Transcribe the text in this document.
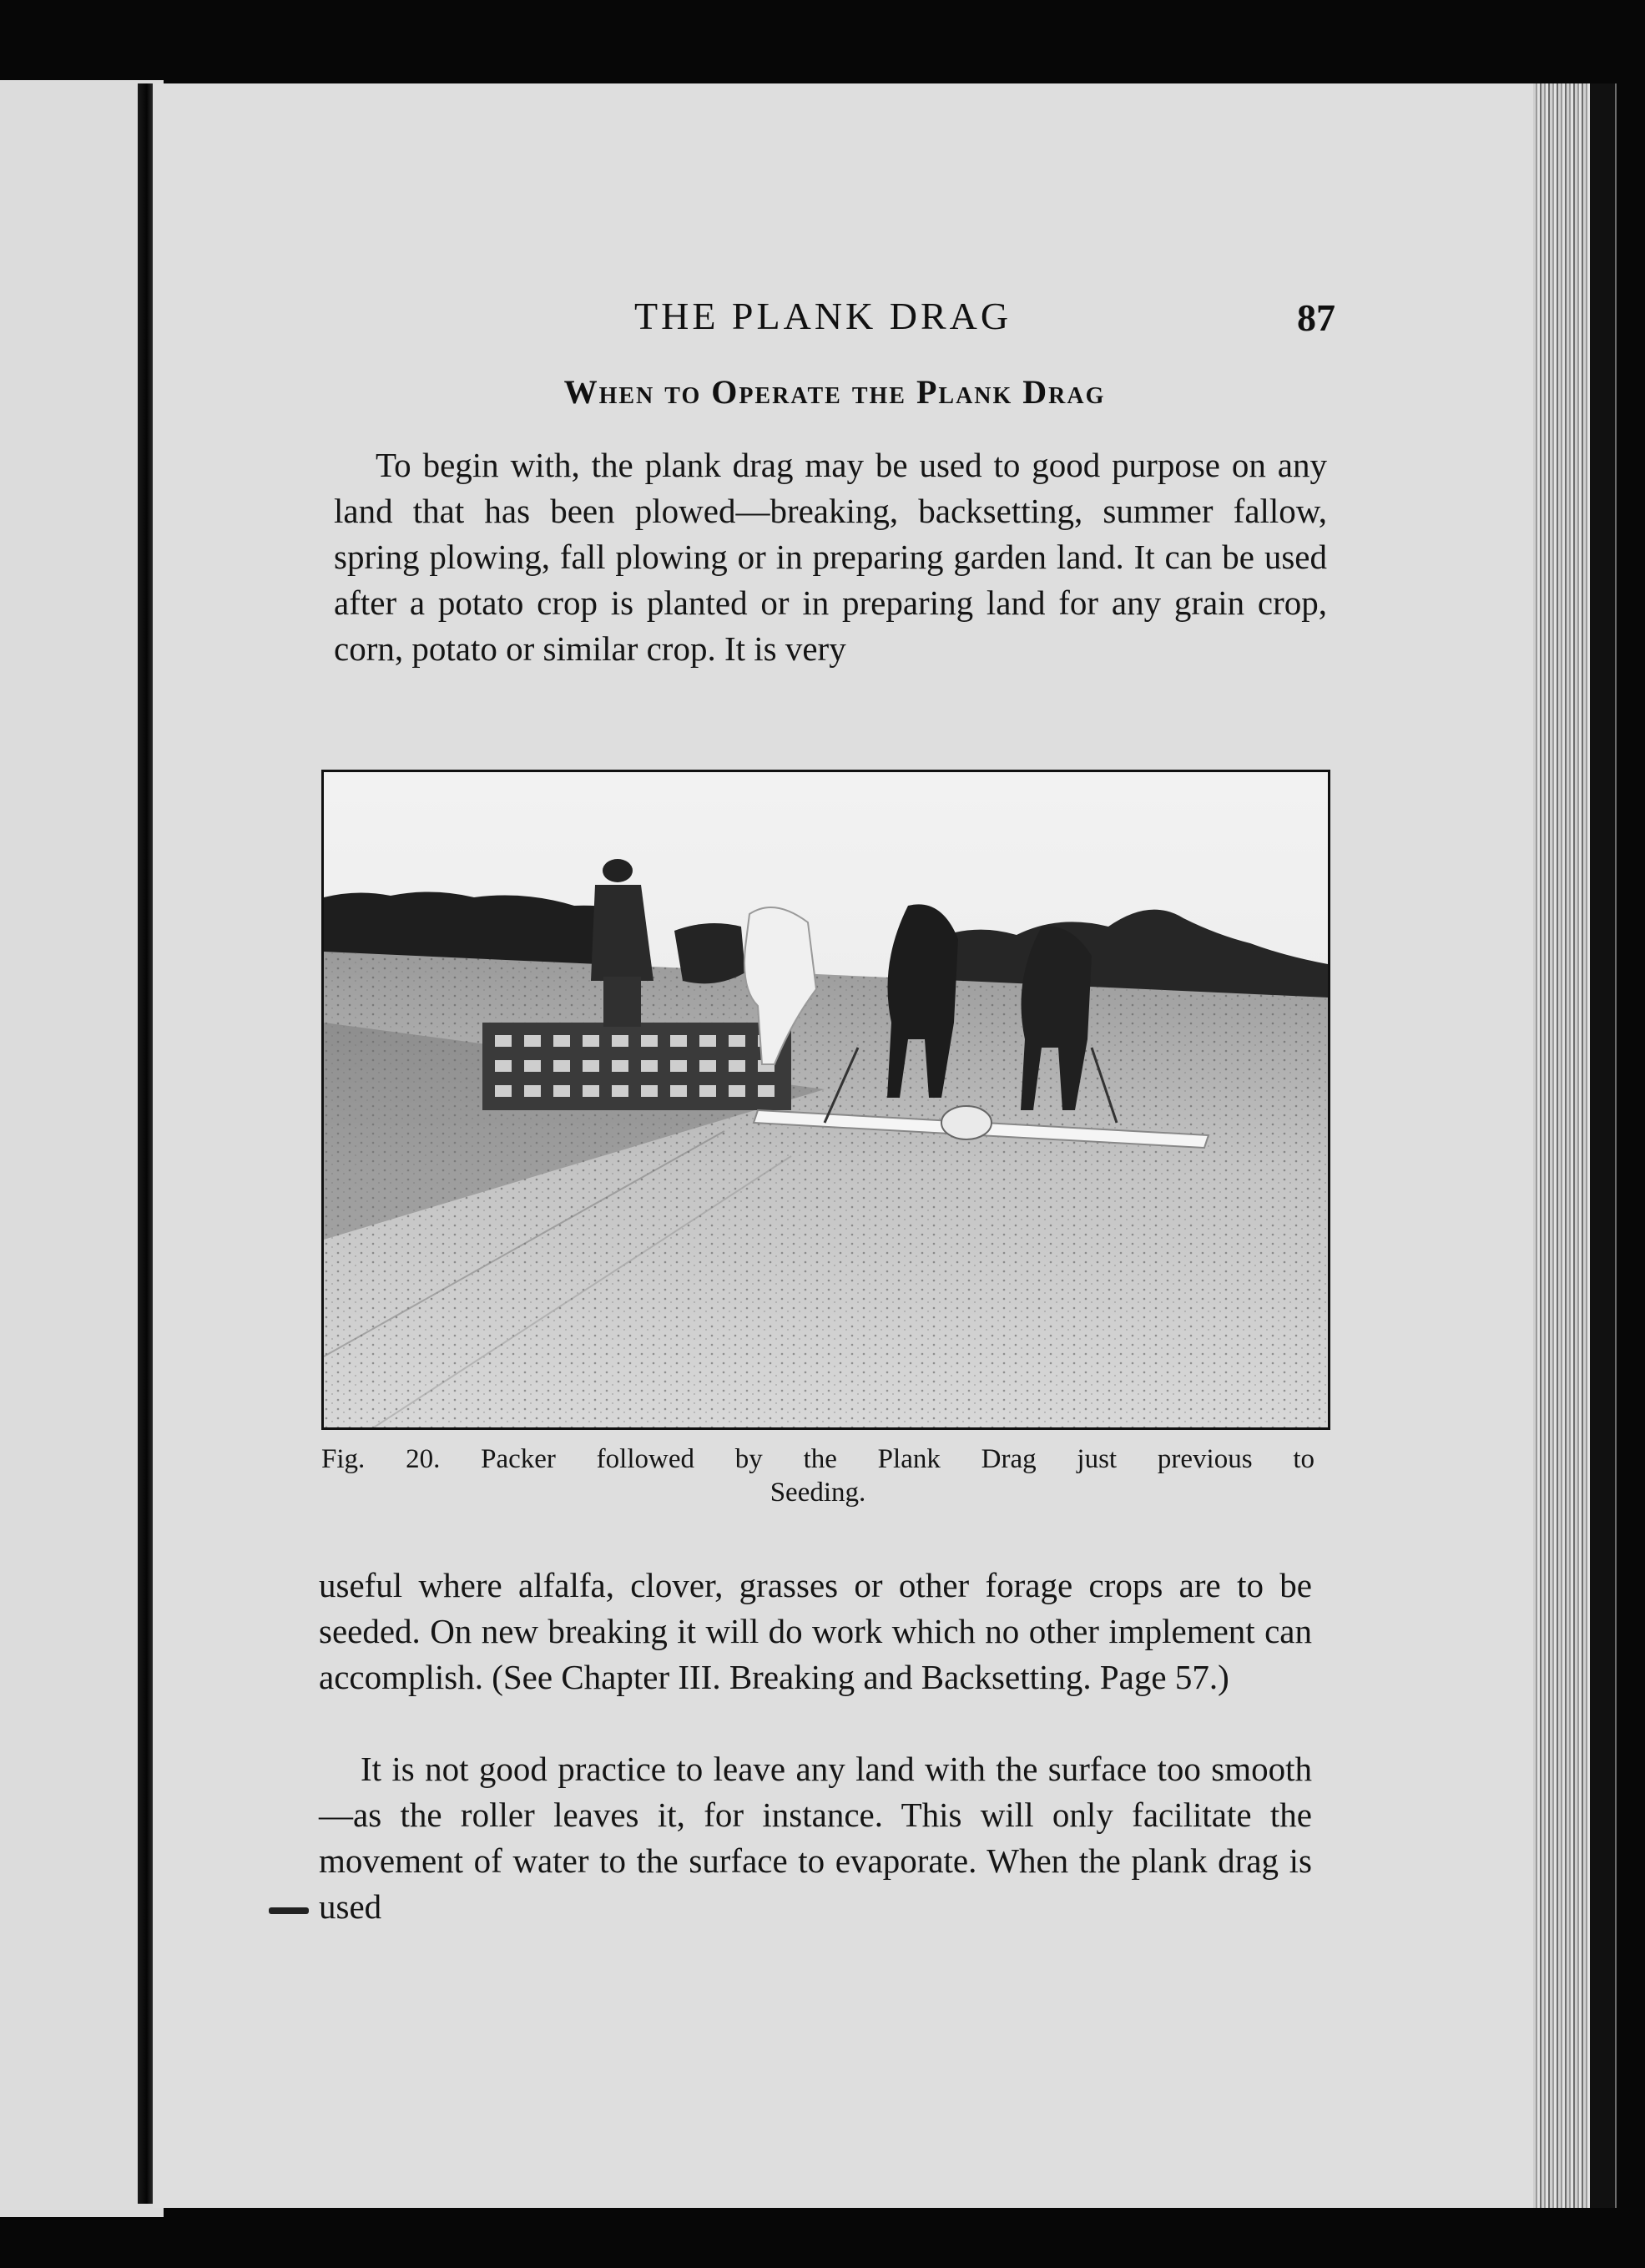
THE PLANK DRAG	87
When to Operate the Plank Drag

To begin with, the plank drag may be used to good purpose on any land that has been plowed—breaking, backsetting, summer fallow, spring plowing, fall plowing or in preparing garden land. It can be used after a potato crop is planted or in preparing land for any grain crop, corn, potato or similar crop. It is very

Fig. 20. Packer followed by the Plank Drag just previous to
Seeding.

useful where alfalfa, clover, grasses or other forage crops are to be seeded. On new breaking it will do work which no other implement can accomplish. (See Chapter III. Breaking and Backsetting. Page 57.)

It is not good practice to leave any land with the surface too smooth—as the roller leaves it, for instance. This will only facilitate the movement of water to the surface to evaporate. When the plank drag is used
